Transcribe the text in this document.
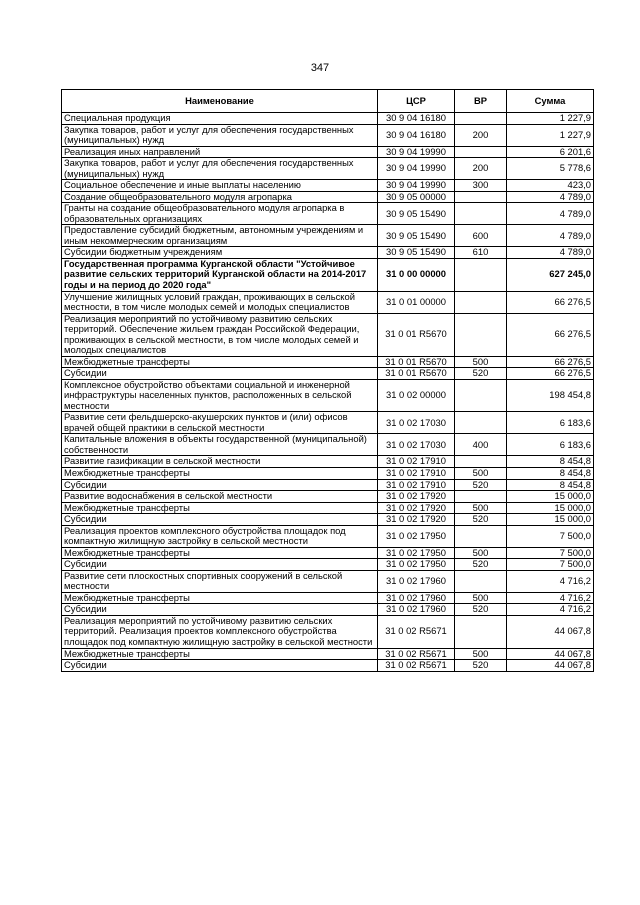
347
Наименование	ЦСР	ВР	Сумма
Специальная продукция	30 9 04 16180		1 227,9
Закупка товаров, работ и услуг для обеспечения государственных (муниципальных) нужд	30 9 04 16180	200	1 227,9
Реализация иных направлений	30 9 04 19990		6 201,6
Закупка товаров, работ и услуг для обеспечения государственных (муниципальных) нужд	30 9 04 19990	200	5 778,6
Социальное обеспечение и иные выплаты населению	30 9 04 19990	300	423,0
Создание общеобразовательного модуля агропарка	30 9 05 00000		4 789,0
Гранты на создание общеобразовательного модуля агропарка в образовательных организациях	30 9 05 15490		4 789,0
Предоставление субсидий бюджетным, автономным учреждениям и иным некоммерческим организациям	30 9 05 15490	600	4 789,0
Субсидии бюджетным учреждениям	30 9 05 15490	610	4 789,0
Государственная программа Курганской области "Устойчивое развитие сельских территорий Курганской области на 2014-2017 годы и на период до 2020 года"	31 0 00 00000		627 245,0
Улучшение жилищных условий граждан, проживающих в сельской местности, в том числе молодых семей и молодых специалистов	31 0 01 00000		66 276,5
Реализация мероприятий по устойчивому развитию сельских территорий. Обеспечение жильем граждан Российской Федерации, проживающих в сельской местности, в том числе молодых семей и молодых специалистов	31 0 01 R5670		66 276,5
Межбюджетные трансферты	31 0 01 R5670	500	66 276,5
Субсидии	31 0 01 R5670	520	66 276,5
Комплексное обустройство объектами социальной и инженерной инфраструктуры населенных пунктов, расположенных в сельской местности	31 0 02 00000		198 454,8
Развитие сети фельдшерско-акушерских пунктов и (или) офисов врачей общей практики в сельской местности	31 0 02 17030		6 183,6
Капитальные вложения в объекты государственной (муниципальной) собственности	31 0 02 17030	400	6 183,6
Развитие газификации в сельской местности	31 0 02 17910		8 454,8
Межбюджетные трансферты	31 0 02 17910	500	8 454,8
Субсидии	31 0 02 17910	520	8 454,8
Развитие водоснабжения в сельской местности	31 0 02 17920		15 000,0
Межбюджетные трансферты	31 0 02 17920	500	15 000,0
Субсидии	31 0 02 17920	520	15 000,0
Реализация проектов комплексного обустройства площадок под компактную жилищную застройку в сельской местности	31 0 02 17950		7 500,0
Межбюджетные трансферты	31 0 02 17950	500	7 500,0
Субсидии	31 0 02 17950	520	7 500,0
Развитие сети плоскостных спортивных сооружений в сельской местности	31 0 02 17960		4 716,2
Межбюджетные трансферты	31 0 02 17960	500	4 716,2
Субсидии	31 0 02 17960	520	4 716,2
Реализация мероприятий по устойчивому развитию сельских территорий. Реализация проектов комплексного обустройства площадок под компактную жилищную застройку в сельской местности	31 0 02 R5671		44 067,8
Межбюджетные трансферты	31 0 02 R5671	500	44 067,8
Субсидии	31 0 02 R5671	520	44 067,8
